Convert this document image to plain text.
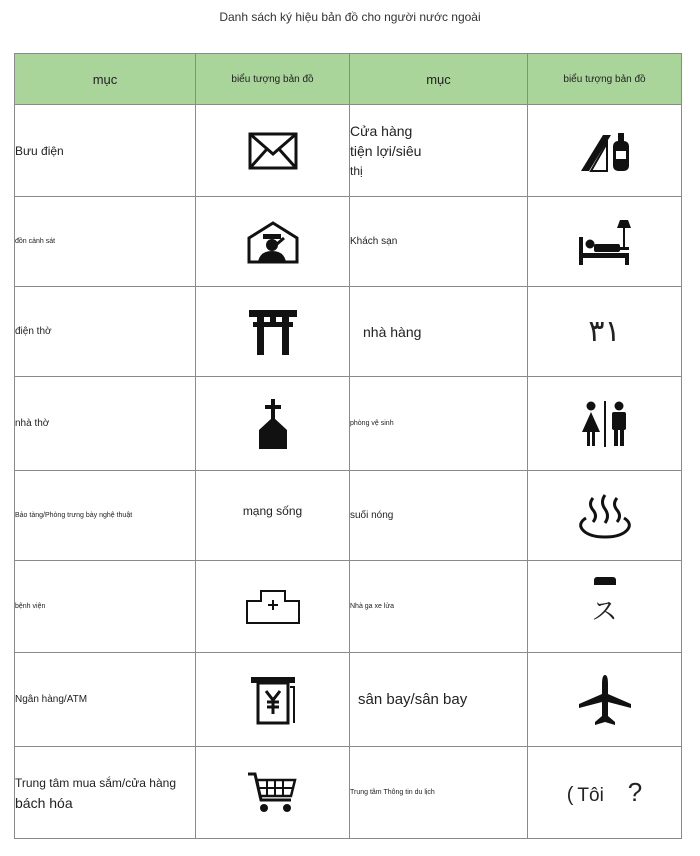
Danh sách ký hiệu bản đồ cho người nước ngoài
mục	biểu tượng bản đồ	mục	biểu tượng bản đồ
Bưu điện		Cửa hàng
tiện lợi/siêu
thị

đồn cảnh sát		Khách sạn	

điện thờ		nhà hàng	٣١
nhà thờ		phòng vệ sinh	

Bảo tàng/Phòng trưng bày nghệ thuật	mạng sống	suối nóng	

bệnh viện		Nhà ga xe lửa	ス

Ngân hàng/ATM		sân bay/sân bay	

Trung tâm mua sắm/cửa hàng
bách hóa		Trung tâm Thông tin du lịch	( Tôi ?
